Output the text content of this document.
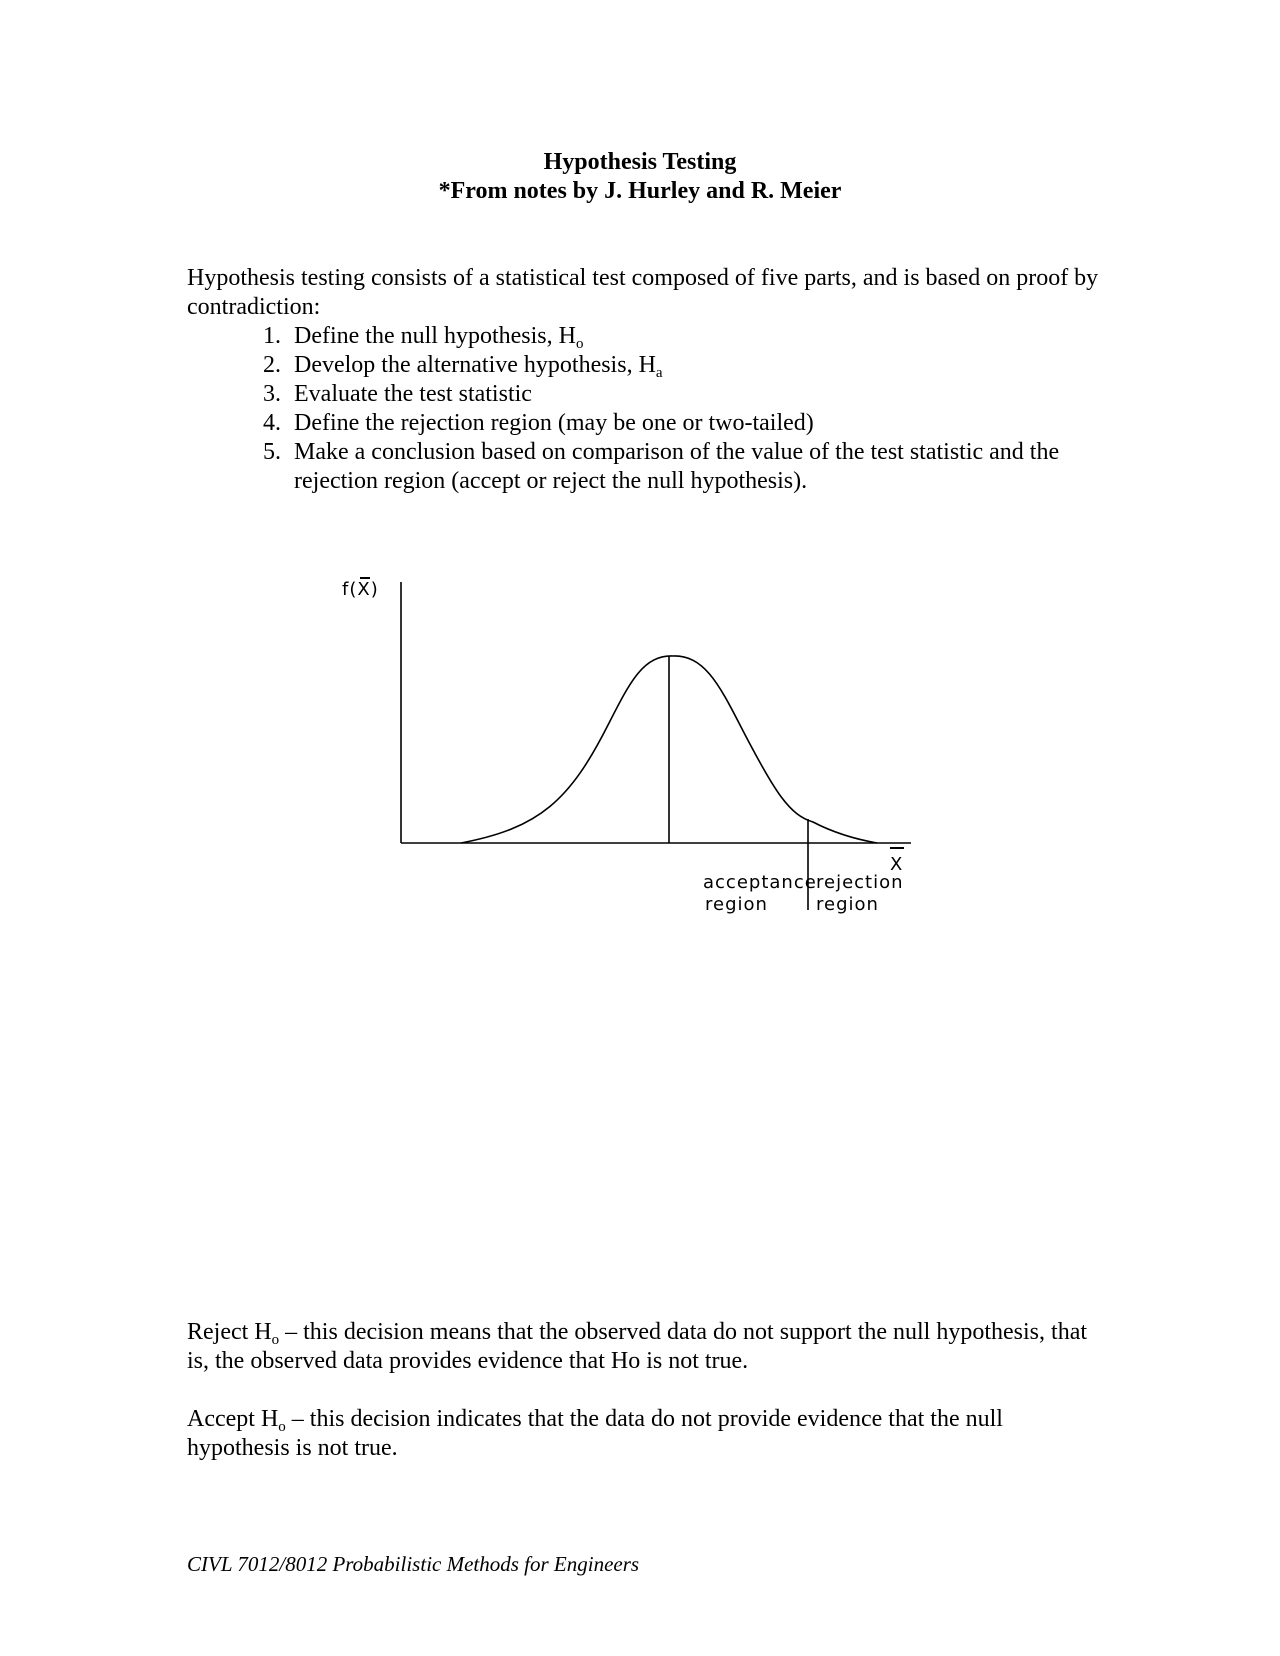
Hypothesis Testing
*From notes by J. Hurley and R. Meier
Hypothesis testing consists of a statistical test composed of five parts, and is based on proof by contradiction:
1. Define the null hypothesis, $H_o$
2. Develop the alternative hypothesis, $H_a$
3. Evaluate the test statistic
4. Define the rejection region (may be one or two-tailed)
5. Make a conclusion based on comparison of the value of the test statistic and the rejection region (accept or reject the null hypothesis).
f(X)
X
acceptance
region
rejection
region
Reject $H_o$ – this decision means that the observed data do not support the null hypothesis, that is, the observed data provides evidence that Ho is not true.
Accept $H_o$ – this decision indicates that the data do not provide evidence that the null hypothesis is not true.
CIVL 7012/8012 Probabilistic Methods for Engineers
